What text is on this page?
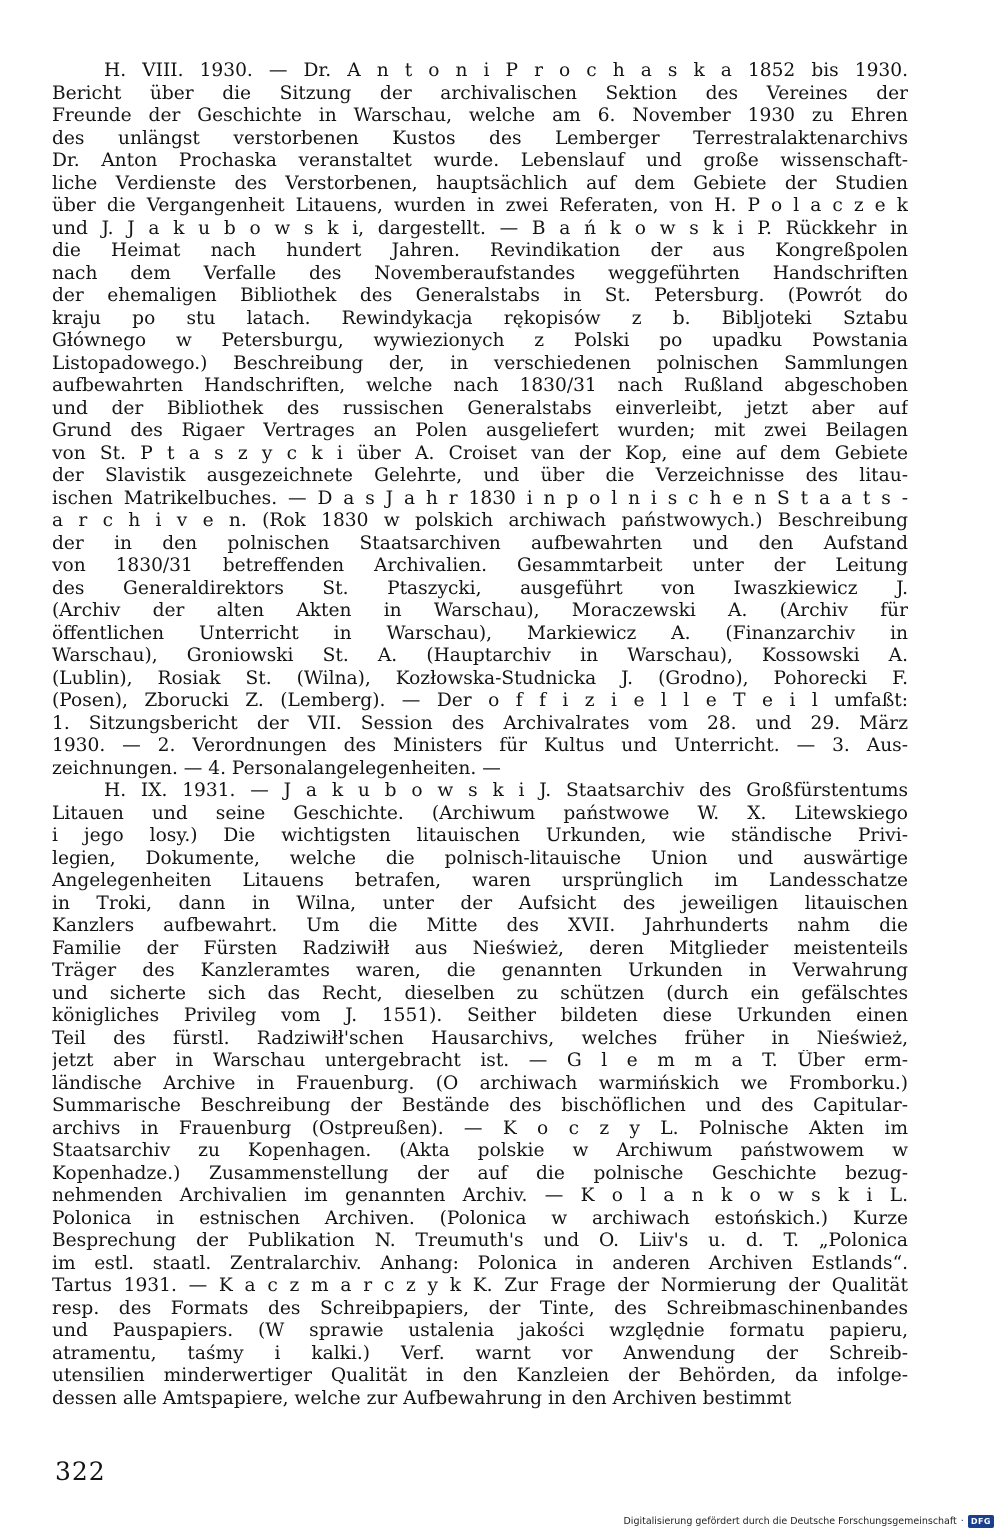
H. VIII. 1930. — Dr. A n t o n i P r o c h a s k a 1852 bis 1930.
Bericht über die Sitzung der archivalischen Sektion des Vereines der
Freunde der Geschichte in Warschau, welche am 6. November 1930 zu Ehren
des unlängst verstorbenen Kustos des Lemberger Terrestralaktenarchivs
Dr. Anton Prochaska veranstaltet wurde. Lebenslauf und große wissenschaft-
liche Verdienste des Verstorbenen, hauptsächlich auf dem Gebiete der Studien
über die Vergangenheit Litauens, wurden in zwei Referaten, von H. P o l a c z e k
und J. J a k u b o w s k i, dargestellt. — B a ń k o w s k i P. Rückkehr in
die Heimat nach hundert Jahren. Revindikation der aus Kongreßpolen
nach dem Verfalle des Novemberaufstandes weggeführten Handschriften
der ehemaligen Bibliothek des Generalstabs in St. Petersburg. (Powrót do
kraju po stu latach. Rewindykacja rękopisów z b. Bibljoteki Sztabu
Głównego w Petersburgu, wywiezionych z Polski po upadku Powstania
Listopadowego.) Beschreibung der, in verschiedenen polnischen Sammlungen
aufbewahrten Handschriften, welche nach 1830/31 nach Rußland abgeschoben
und der Bibliothek des russischen Generalstabs einverleibt, jetzt aber auf
Grund des Rigaer Vertrages an Polen ausgeliefert wurden; mit zwei Beilagen
von St. P t a s z y c k i über A. Croiset van der Kop, eine auf dem Gebiete
der Slavistik ausgezeichnete Gelehrte, und über die Verzeichnisse des litau-
ischen Matrikelbuches. — D a s J a h r 1830 i n p o l n i s c h e n S t a a t s -
a r c h i v e n. (Rok 1830 w polskich archiwach państwowych.) Beschreibung
der in den polnischen Staatsarchiven aufbewahrten und den Aufstand
von 1830/31 betreffenden Archivalien. Gesammtarbeit unter der Leitung
des Generaldirektors St. Ptaszycki, ausgeführt von Iwaszkiewicz J.
(Archiv der alten Akten in Warschau), Moraczewski A. (Archiv für
öffentlichen Unterricht in Warschau), Markiewicz A. (Finanzarchiv in
Warschau), Groniowski St. A. (Hauptarchiv in Warschau), Kossowski A.
(Lublin), Rosiak St. (Wilna), Kozłowska-Studnicka J. (Grodno), Pohorecki F.
(Posen), Zborucki Z. (Lemberg). — Der o f f i z i e l l e T e i l umfaßt:
1. Sitzungsbericht der VII. Session des Archivalrates vom 28. und 29. März
1930. — 2. Verordnungen des Ministers für Kultus und Unterricht. — 3. Aus-
zeichnungen. — 4. Personalangelegenheiten. —
H. IX. 1931. — J a k u b o w s k i J. Staatsarchiv des Großfürstentums
Litauen und seine Geschichte. (Archiwum państwowe W. X. Litewskiego
i jego losy.) Die wichtigsten litauischen Urkunden, wie ständische Privi-
legien, Dokumente, welche die polnisch-litauische Union und auswärtige
Angelegenheiten Litauens betrafen, waren ursprünglich im Landesschatze
in Troki, dann in Wilna, unter der Aufsicht des jeweiligen litauischen
Kanzlers aufbewahrt. Um die Mitte des XVII. Jahrhunderts nahm die
Familie der Fürsten Radziwiłł aus Nieśwież, deren Mitglieder meistenteils
Träger des Kanzleramtes waren, die genannten Urkunden in Verwahrung
und sicherte sich das Recht, dieselben zu schützen (durch ein gefälschtes
königliches Privileg vom J. 1551). Seither bildeten diese Urkunden einen
Teil des fürstl. Radziwiłł'schen Hausarchivs, welches früher in Nieśwież,
jetzt aber in Warschau untergebracht ist. — G l e m m a T. Über erm-
ländische Archive in Frauenburg. (O archiwach warmińskich we Fromborku.)
Summarische Beschreibung der Bestände des bischöflichen und des Capitular-
archivs in Frauenburg (Ostpreußen). — K o c z y L. Polnische Akten im
Staatsarchiv zu Kopenhagen. (Akta polskie w Archiwum państwowem w
Kopenhadze.) Zusammenstellung der auf die polnische Geschichte bezug-
nehmenden Archivalien im genannten Archiv. — K o l a n k o w s k i L.
Polonica in estnischen Archiven. (Polonica w archiwach estońskich.) Kurze
Besprechung der Publikation N. Treumuth's und O. Liiv's u. d. T. „Polonica
im estl. staatl. Zentralarchiv. Anhang: Polonica in anderen Archiven Estlands“.
Tartus 1931. — K a c z m a r c z y k K. Zur Frage der Normierung der Qualität
resp. des Formats des Schreibpapiers, der Tinte, des Schreibmaschinenbandes
und Pauspapiers. (W sprawie ustalenia jakości względnie formatu papieru,
atramentu, taśmy i kalki.) Verf. warnt vor Anwendung der Schreib-
utensilien minderwertiger Qualität in den Kanzleien der Behörden, da infolge-
dessen alle Amtspapiere, welche zur Aufbewahrung in den Archiven bestimmt
322
Digitalisierung gefördert durch die Deutsche Forschungsgemeinschaft · DFG
